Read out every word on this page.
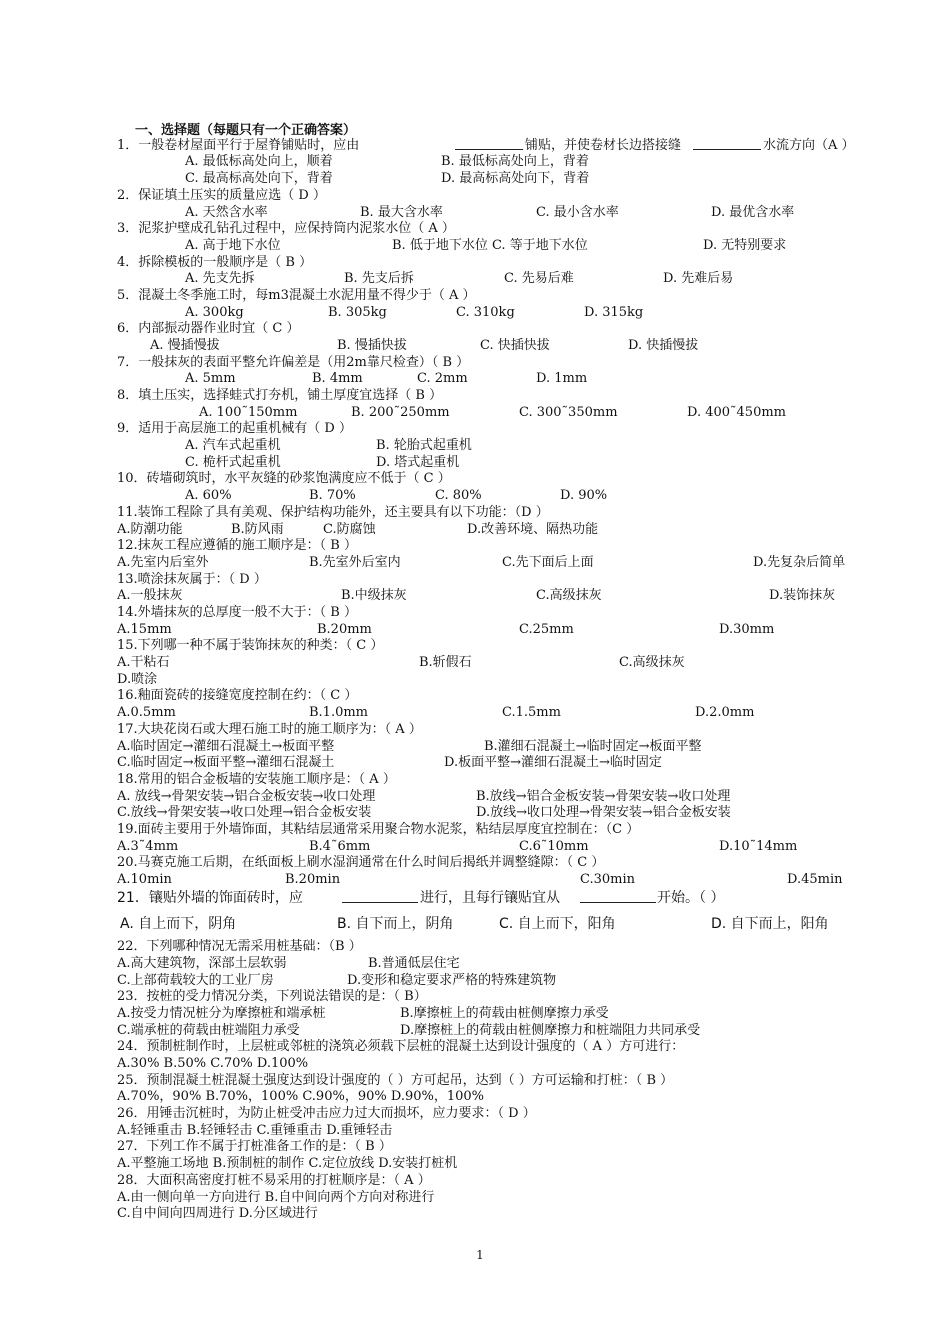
一、选择题（每题只有一个正确答案）
1．一般卷材屋面平行于屋脊铺贴时，应由	铺贴，并使卷材长边搭接缝	水流方向（A ）
A. 最低标高处向上，顺着	B. 最低标高处向上，背着
C. 最高标高处向下，背着	D. 最高标高处向下，背着
2．保证填土压实的质量应选（ D ）
A. 天然含水率	B. 最大含水率	C. 最小含水率	D. 最优含水率
3．泥浆护壁成孔钻孔过程中，应保持筒内泥浆水位（ A ）
A. 高于地下水位	B. 低于地下水位 C. 等于地下水位	D. 无特别要求
4．拆除模板的一般顺序是（ B ）
A. 先支先拆	B. 先支后拆	C. 先易后难	D. 先难后易
5．混凝土冬季施工时，每m3混凝土水泥用量不得少于（ A ）
A. 300kg	B. 305kg	C. 310kg	D. 315kg
6．内部振动器作业时宜（ C ）
A. 慢插慢拔	B. 慢插快拔	C. 快插快拔	D. 快插慢拔
7．一般抹灰的表面平整允许偏差是（用2m靠尺检查）（ B ）
A. 5mm	B. 4mm	C. 2mm	D. 1mm
8．填土压实，选择蛙式打夯机，铺土厚度宜选择（ B ）
A. 100˜150mm	B. 200˜250mm	C. 300˜350mm	D. 400˜450mm
9．适用于高层施工的起重机械有（ D ）
A. 汽车式起重机	B. 轮胎式起重机
C. 桅杆式起重机	D. 塔式起重机
10．砖墙砌筑时，水平灰缝的砂浆饱满度应不低于（ C ）
A. 60%	B. 70%	C. 80%	D. 90%
11.装饰工程除了具有美观、保护结构功能外，还主要具有以下功能：（D ）
A.防潮功能	B.防风雨	C.防腐蚀	D.改善环境、隔热功能
12.抹灰工程应遵循的施工顺序是：（ B ）
A.先室内后室外	B.先室外后室内	C.先下面后上面	D.先复杂后简单
13.喷涂抹灰属于：（ D ）
A.一般抹灰	B.中级抹灰	C.高级抹灰	D.装饰抹灰
14.外墙抹灰的总厚度一般不大于：（ B ）
A.15mm	B.20mm	C.25mm	D.30mm
15.下列哪一种不属于装饰抹灰的种类：（ C ）
A.干粘石	B.斩假石	C.高级抹灰
D.喷涂
16.釉面瓷砖的接缝宽度控制在约：（ C ）
A.0.5mm	B.1.0mm	C.1.5mm	D.2.0mm
17.大块花岗石或大理石施工时的施工顺序为：（ A ）
A.临时固定→灌细石混凝土→板面平整	B.灌细石混凝土→临时固定→板面平整
C.临时固定→板面平整→灌细石混凝土	D.板面平整→灌细石混凝土→临时固定
18.常用的铝合金板墙的安装施工顺序是：（ A ）
A. 放线→骨架安装→铝合金板安装→收口处理	B.放线→铝合金板安装→骨架安装→收口处理
C.放线→骨架安装→收口处理→铝合金板安装	D.放线→收口处理→骨架安装→铝合金板安装
19.面砖主要用于外墙饰面，其粘结层通常采用聚合物水泥浆，粘结层厚度宜控制在：（C ）
A.3˜4mm	B.4˜6mm	C.6˜10mm	D.10˜14mm
20.马赛克施工后期，在纸面板上刷水湿润通常在什么时间后揭纸并调整缝隙：（ C ）
A.10min	B.20min	C.30min	D.45min
21．镶贴外墙的饰面砖时，应	进行，且每行镶贴宜从	开始。（ ）
A. 自上而下，阴角	B. 自下而上，阴角	C. 自上而下，阳角	D. 自下而上，阳角
22．下列哪种情况无需采用桩基础：（B ）
A.高大建筑物，深部土层软弱	B.普通低层住宅
C.上部荷载较大的工业厂房	D.变形和稳定要求严格的特殊建筑物
23．按桩的受力情况分类，下列说法错误的是：（ B）
A.按受力情况桩分为摩擦桩和端承桩	B.摩擦桩上的荷载由桩侧摩擦力承受
C.端承桩的荷载由桩端阻力承受	D.摩擦桩上的荷载由桩侧摩擦力和桩端阻力共同承受
24．预制桩制作时，上层桩或邻桩的浇筑必须载下层桩的混凝土达到设计强度的（ A ）方可进行：
A.30% B.50% C.70% D.100%
25．预制混凝土桩混凝土强度达到设计强度的（ ）方可起吊，达到（ ）方可运输和打桩：（ B ）
A.70%，90% B.70%，100% C.90%，90% D.90%，100%
26．用锤击沉桩时，为防止桩受冲击应力过大而损坏，应力要求：（ D ）
A.轻锤重击 B.轻锤轻击 C.重锤重击 D.重锤轻击
27．下列工作不属于打桩准备工作的是：（ B ）
A.平整施工场地 B.预制桩的制作 C.定位放线 D.安装打桩机
28．大面积高密度打桩不易采用的打桩顺序是：（ A ）
A.由一侧向单一方向进行 B.自中间向两个方向对称进行
C.自中间向四周进行 D.分区域进行
1
